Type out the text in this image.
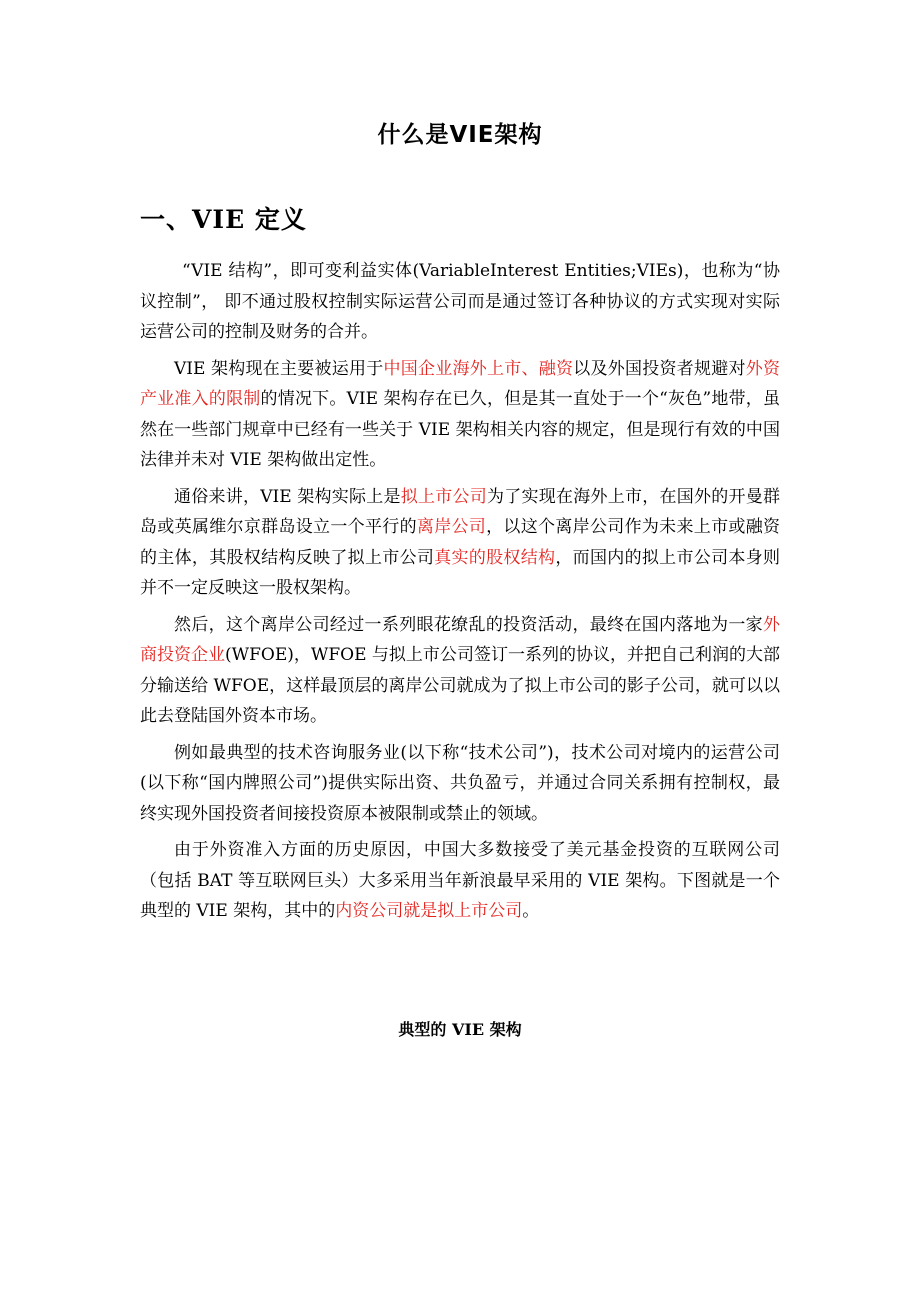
什么是VIE架构
一、VIE 定义

“VIE 结构”，即可变利益实体(VariableInterest Entities;VIEs)，也称为“协议控制”， 即不通过股权控制实际运营公司而是通过签订各种协议的方式实现对实际运营公司的控制及财务的合并。

VIE 架构现在主要被运用于中国企业海外上市、融资以及外国投资者规避对外资产业准入的限制的情况下。VIE 架构存在已久，但是其一直处于一个“灰色”地带，虽然在一些部门规章中已经有一些关于 VIE 架构相关内容的规定，但是现行有效的中国法律并未对 VIE 架构做出定性。

通俗来讲，VIE 架构实际上是拟上市公司为了实现在海外上市，在国外的开曼群岛或英属维尔京群岛设立一个平行的离岸公司，以这个离岸公司作为未来上市或融资的主体，其股权结构反映了拟上市公司真实的股权结构，而国内的拟上市公司本身则并不一定反映这一股权架构。

然后，这个离岸公司经过一系列眼花缭乱的投资活动，最终在国内落地为一家外商投资企业(WFOE)，WFOE 与拟上市公司签订一系列的协议，并把自己利润的大部分输送给 WFOE，这样最顶层的离岸公司就成为了拟上市公司的影子公司，就可以以此去登陆国外资本市场。

例如最典型的技术咨询服务业(以下称“技术公司”)，技术公司对境内的运营公司(以下称“国内牌照公司”)提供实际出资、共负盈亏，并通过合同关系拥有控制权，最终实现外国投资者间接投资原本被限制或禁止的领域。

由于外资准入方面的历史原因，中国大多数接受了美元基金投资的互联网公司（包括 BAT 等互联网巨头）大多采用当年新浪最早采用的 VIE 架构。下图就是一个典型的 VIE 架构，其中的内资公司就是拟上市公司。

典型的 VIE 架构
